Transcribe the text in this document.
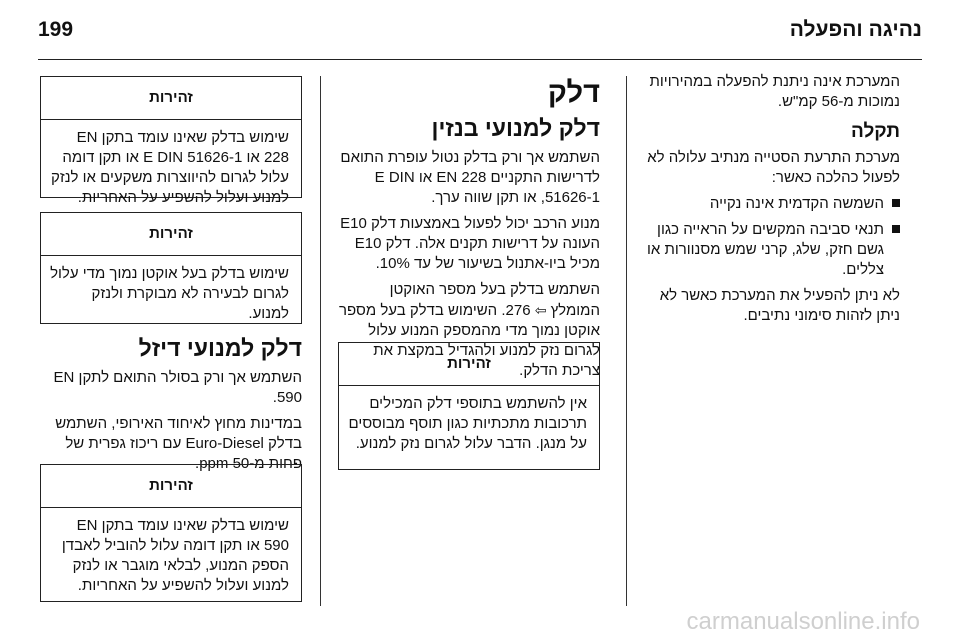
199	נהיגה והפעלה

המערכת אינה ניתנת להפעלה במהירויות נמוכות מ-56 קמ"ש.

תקלה

מערכת התרעת הסטייה מנתיב עלולה לא לפעול כהלכה כאשר:

השמשה הקדמית אינה נקייה
תנאי סביבה המקשים על הראייה כגון גשם חזק, שלג, קרני שמש מסנוורות או צללים.

לא ניתן להפעיל את המערכת כאשר לא ניתן לזהות סימוני נתיבים.

דלק
דלק למנועי בנזין

השתמש אך ורק בדלק נטול עופרת התואם לדרישות התקניים EN 228 או E DIN 51626-1, או תקן שווה ערך.

מנוע הרכב יכול לפעול באמצעות דלק E10 העונה על דרישות תקנים אלה. דלק E10 מכיל ביו-אתנול בשיעור של עד 10%.

השתמש בדלק בעל מספר האוקטן המומלץ ⇦ 276. השימוש בדלק בעל מספר אוקטן נמוך מדי מהמספק המנוע עלול לגרום נזק למנוע ולהגדיל במקצת את צריכת הדלק.

זהירות
אין להשתמש בתוספי דלק המכילים תרכובות מתכתיות כגון תוסף מבוססים על מנגן. הדבר עלול לגרום נזק למנוע.
זהירות
שימוש בדלק שאינו עומד בתקן EN 228 או E DIN 51626-1 או תקן דומה עלול לגרום להיווצרות משקעים או לנזק למנוע ועלול להשפיע על האחריות.
זהירות
שימוש בדלק בעל אוקטן נמוך מדי עלול לגרום לבעירה לא מבוקרת ולנזק למנוע.
דלק למנועי דיזל

השתמש אך ורק בסולר התואם לתקן EN 590.

במדינות מחוץ לאיחוד האירופי, השתמש בדלק Euro-Diesel עם ריכוז גפרית של פחות מ-50 ppm.

זהירות
שימוש בדלק שאינו עומד בתקן EN 590 או תקן דומה עלול להוביל לאבדן הספק המנוע, לבלאי מוגבר או לנזק למנוע ועלול להשפיע על האחריות.
carmanualsonline.info
